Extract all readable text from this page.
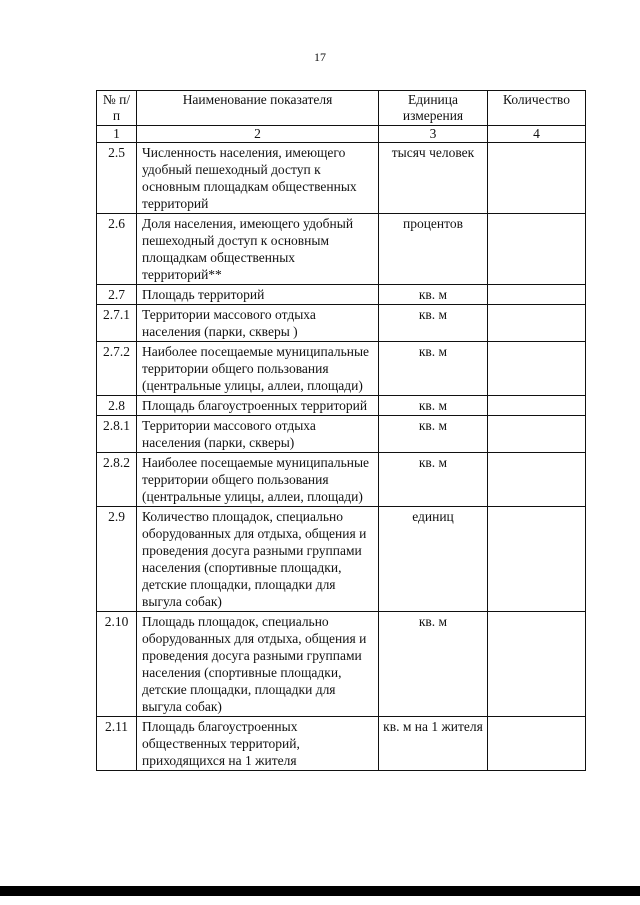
17
№ п/п	Наименование показателя	Единица измерения	Количество
1	2	3	4
2.5	Численность населения, имеющего удобный пешеходный доступ к основным площадкам общественных территорий	тысяч человек	
2.6	Доля населения, имеющего удобный пешеходный доступ к основным площадкам общественных территорий**	процентов	
2.7	Площадь территорий	кв. м	
2.7.1	Территории массового отдыха населения (парки, скверы )	кв. м	
2.7.2	Наиболее посещаемые муниципальные территории общего пользования (центральные улицы, аллеи, площади)	кв. м	
2.8	Площадь благоустроенных территорий	кв. м	
2.8.1	Территории массового отдыха населения (парки, скверы)	кв. м	
2.8.2	Наиболее посещаемые муниципальные территории общего пользования (центральные улицы, аллеи, площади)	кв. м	
2.9	Количество площадок, специально оборудованных для отдыха, общения и проведения досуга разными группами населения (спортивные площадки, детские площадки, площадки для выгула собак)	единиц	
2.10	Площадь площадок, специально оборудованных для отдыха, общения и проведения досуга разными группами населения (спортивные площадки, детские площадки, площадки для выгула собак)	кв. м	
2.11	Площадь благоустроенных общественных территорий, приходящихся на 1 жителя	кв. м на 1 жителя	
